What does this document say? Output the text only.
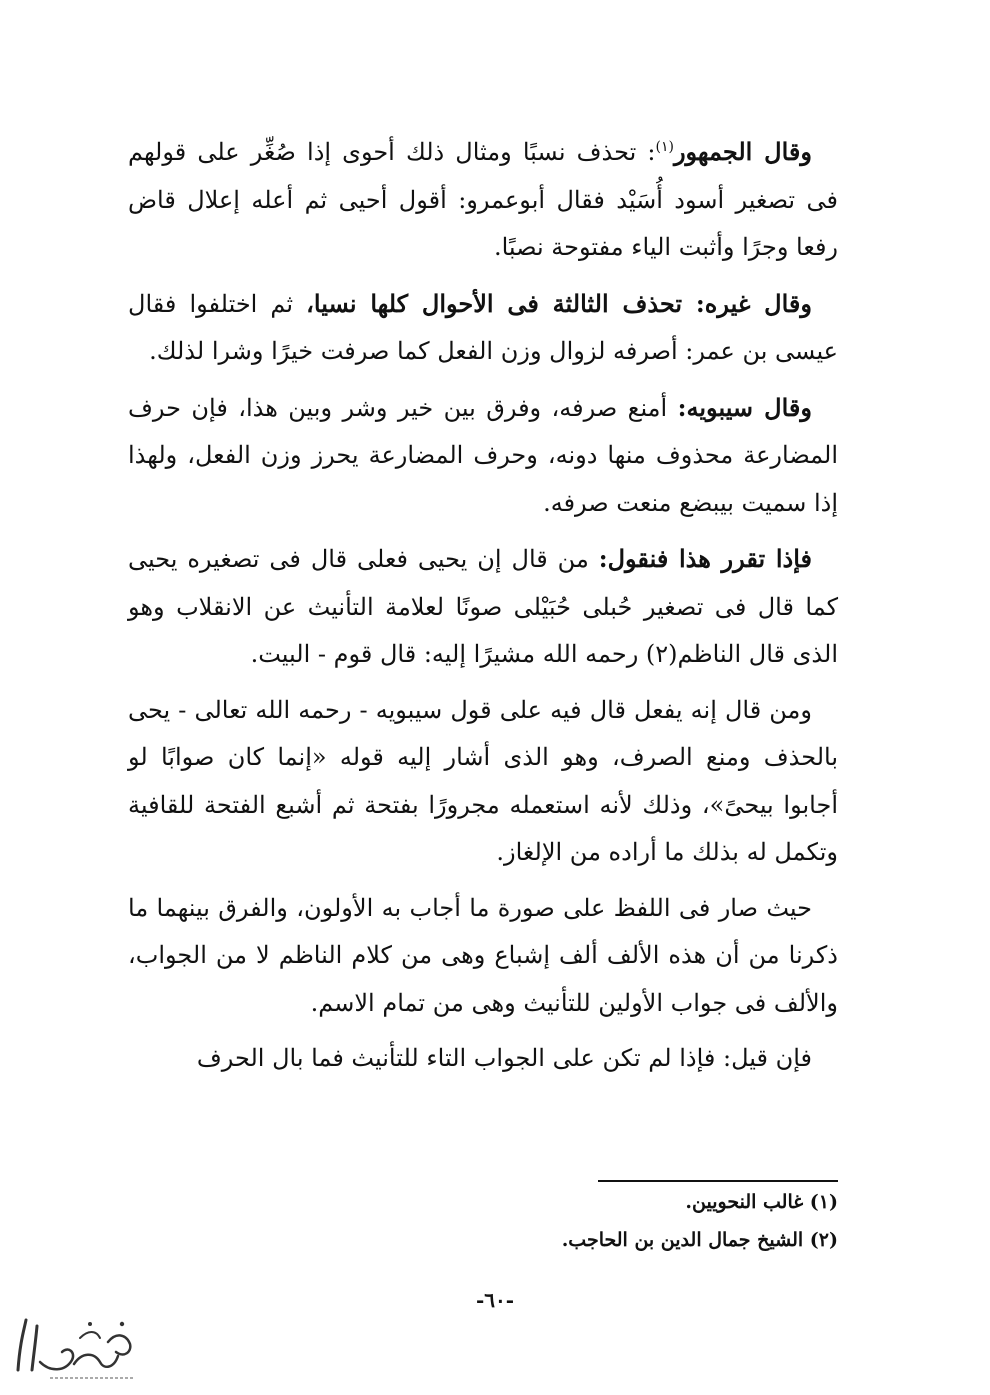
وقال الجمهور$^{(١)}$: تحذف نسبًا ومثال ذلك أحوى إذا صُغِّر على قولهم فى تصغير أسود أُسَيْد فقال أبوعمرو: أقول أحيى ثم أعله إعلال قاض رفعا وجرًا وأثبت الياء مفتوحة نصبًا.

وقال غيره: تحذف الثالثة فى الأحوال كلها نسيا، ثم اختلفوا فقال عيسى بن عمر: أصرفه لزوال وزن الفعل كما صرفت خيرًا وشرا لذلك.

وقال سيبويه: أمنع صرفه، وفرق بين خير وشر وبين هذا، فإن حرف المضارعة محذوف منها دونه، وحرف المضارعة يحرز وزن الفعل، ولهذا إذا سميت بيبضع منعت صرفه.

فإذا تقرر هذا فنقول: من قال إن يحيى فعلى قال فى تصغيره يحيى كما قال فى تصغير حُبلى حُبَيْلى صونًا لعلامة التأنيث عن الانقلاب وهو الذى قال الناظم(٢) رحمه الله مشيرًا إليه: قال قوم - البيت.

ومن قال إنه يفعل قال فيه على قول سيبويه - رحمه الله تعالى - يحى بالحذف ومنع الصرف، وهو الذى أشار إليه قوله «إنما كان صوابًا لو أجابوا بيحىً»، وذلك لأنه استعمله مجرورًا بفتحة ثم أشبع الفتحة للقافية وتكمل له بذلك ما أراده من الإلغاز.

حيث صار فى اللفظ على صورة ما أجاب به الأولون، والفرق بينهما ما ذكرنا من أن هذه الألف ألف إشباع وهى من كلام الناظم لا من الجواب، والألف فى جواب الأولين للتأنيث وهى من تمام الاسم.

فإن قيل: فإذا لم تكن على الجواب التاء للتأنيث فما بال الحرف

(١) غالب النحويين.

(٢) الشيخ جمال الدين بن الحاجب.

-٦٠-
